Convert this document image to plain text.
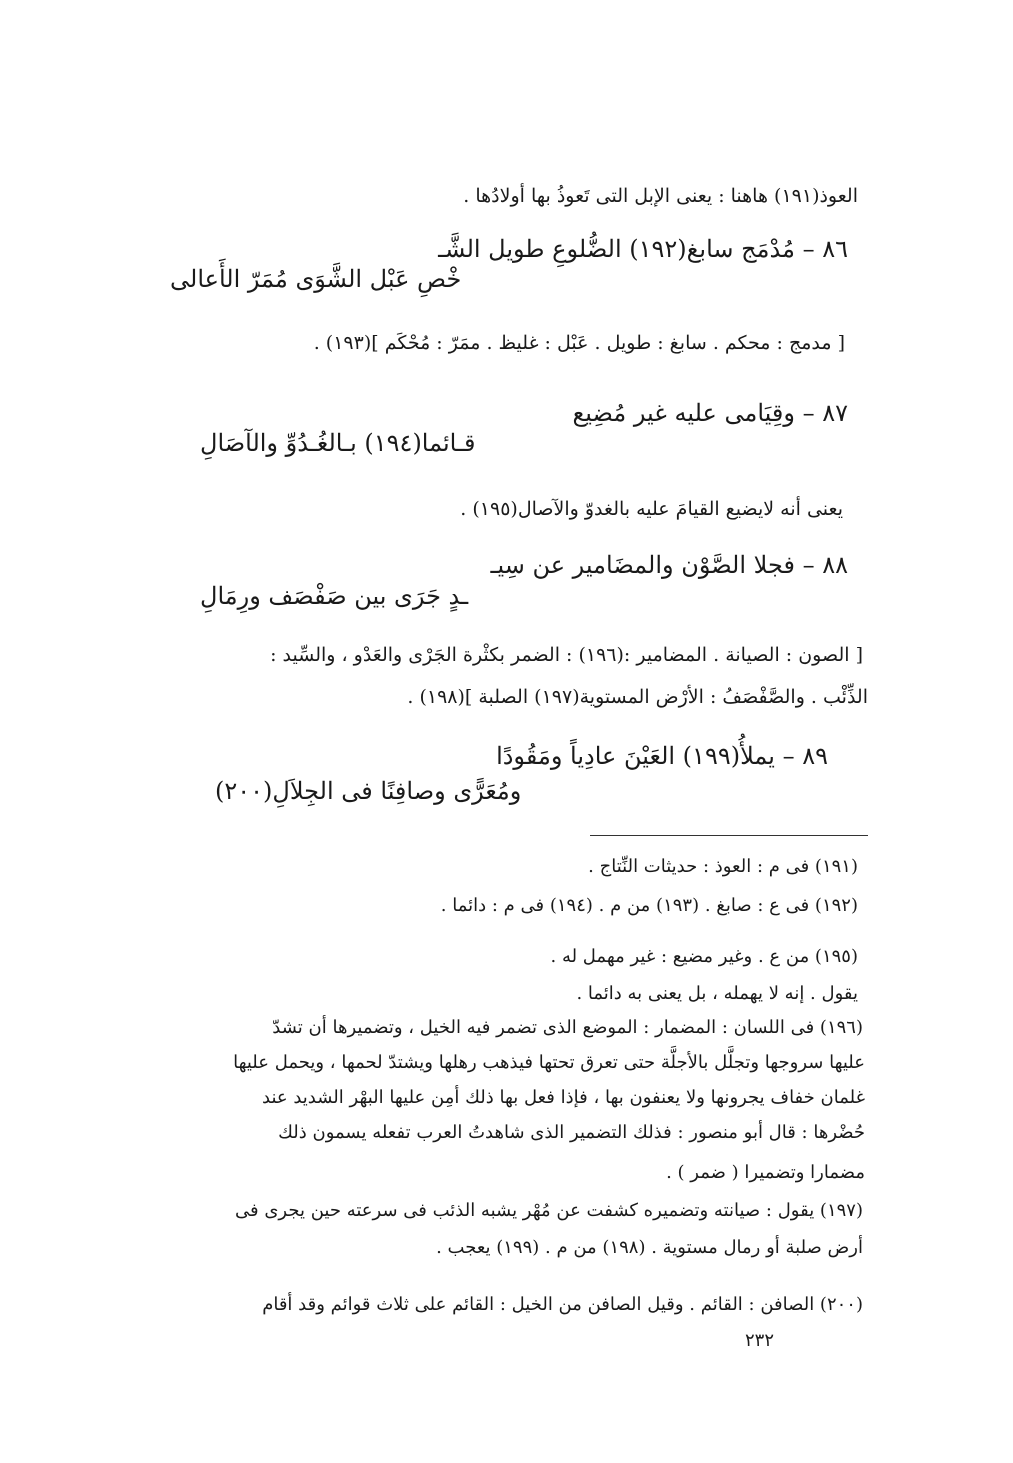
العوذ(١٩١) هاهنا : يعنى الإبل التى تَعوذُ بها أولادُها .
٨٦ – مُدْمَج سابغ(١٩٢) الضُّلوعِ طويل الشَّـ
خْصِ عَبْل الشَّوَى مُمَرّ الأَعالى
[ مدمج : محكم . سابغ : طويل . عَبْل : غليظ . ممَرّ : مُحْكَم ](١٩٣) .
٨٧ – وقِيَامى عليه غير مُضِيع
قـائما(١٩٤) بـالغُـدُوِّ والآصَالِ
يعنى أنه لايضيع القيامَ عليه بالغدوّ والآصال(١٩٥) .
٨٨ – فجلا الصَّوْن والمضَامير عن سِيـ
ـدٍ جَرَى بين صَفْصَف ورِمَالِ
[ الصون : الصيانة . المضامير :(١٩٦) : الضمر بكثْرة الجَرْى والعَدْو ، والسِّيد :
الذِّئْب . والصَّفْصَفُ : الأرْض المستوية(١٩٧) الصلبة ](١٩٨) .
٨٩ – يملأُ(١٩٩) العَيْنَ عادِياً ومَقُودًا
ومُعَرًّى وصافِنًا فى الجِلاَلِ(٢٠٠)
(١٩١) فى م : العوذ : حديثات النِّتاج .
(١٩٢) فى ع : صابغ . (١٩٣) من م . (١٩٤) فى م : دائما .
(١٩٥) من ع . وغير مضيع : غير مهمل له .
يقول . إنه لا يهمله ، بل يعنى به دائما .
(١٩٦) فى اللسان : المضمار : الموضع الذى تضمر فيه الخيل ، وتضميرها أن تشدّ
عليها سروجها وتجلَّل بالأجلَّة حتى تعرق تحتها فيذهب رهلها ويشتدّ لحمها ، ويحمل عليها
غلمان خفاف يجرونها ولا يعنفون بها ، فإذا فعل بها ذلك أمِن عليها البهْر الشديد عند
حُضْرها : قال أبو منصور : فذلك التضمير الذى شاهدتُ العرب تفعله يسمون ذلك
مضمارا وتضميرا ( ضمر ) .
(١٩٧) يقول : صيانته وتضميره كشفت عن مُهْر يشبه الذئب فى سرعته حين يجرى فى
أرض صلبة أو رمال مستوية . (١٩٨) من م . (١٩٩) يعجب .
(٢٠٠) الصافن : القائم . وقيل الصافن من الخيل : القائم على ثلاث قوائم وقد أقام
٢٣٢
